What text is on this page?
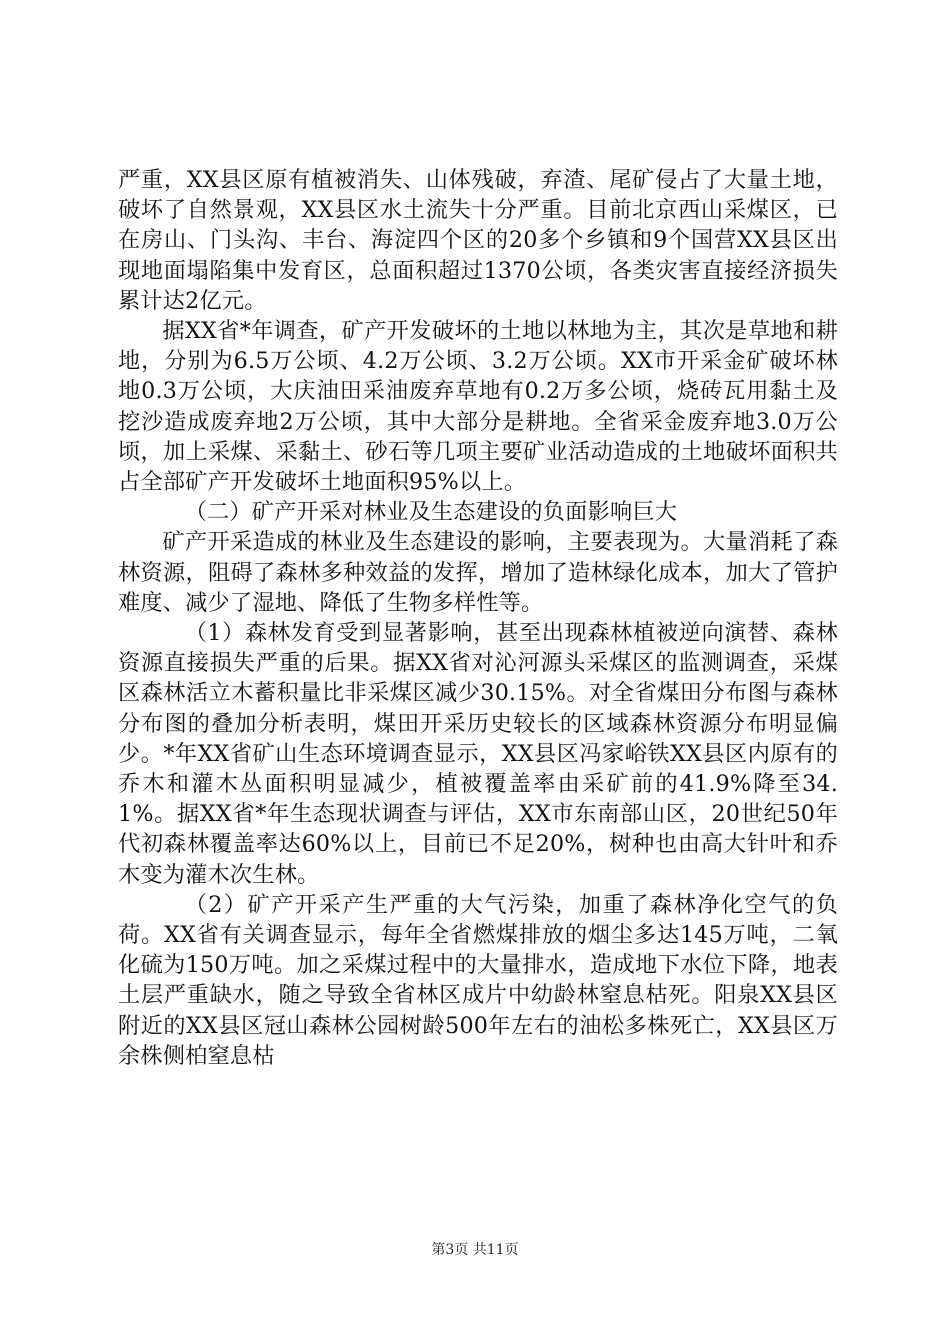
严重，XX县区原有植被消失、山体残破，弃渣、尾矿侵占了大量土地，破坏了自然景观，XX县区水土流失十分严重。目前北京西山采煤区，已在房山、门头沟、丰台、海淀四个区的20多个乡镇和9个国营XX县区出现地面塌陷集中发育区，总面积超过1370公顷，各类灾害直接经济损失累计达2亿元。

据XX省*年调查，矿产开发破坏的土地以林地为主，其次是草地和耕地，分别为6.5万公顷、4.2万公顷、3.2万公顷。XX市开采金矿破坏林地0.3万公顷，大庆油田采油废弃草地有0.2万多公顷，烧砖瓦用黏土及挖沙造成废弃地2万公顷，其中大部分是耕地。全省采金废弃地3.0万公顷，加上采煤、采黏土、砂石等几项主要矿业活动造成的土地破坏面积共占全部矿产开发破坏土地面积95%以上。

（二）矿产开采对林业及生态建设的负面影响巨大

矿产开采造成的林业及生态建设的影响，主要表现为。大量消耗了森林资源，阻碍了森林多种效益的发挥，增加了造林绿化成本，加大了管护难度、减少了湿地、降低了生物多样性等。

（1）森林发育受到显著影响，甚至出现森林植被逆向演替、森林资源直接损失严重的后果。据XX省对沁河源头采煤区的监测调查，采煤区森林活立木蓄积量比非采煤区减少30.15%。对全省煤田分布图与森林分布图的叠加分析表明，煤田开采历史较长的区域森林资源分布明显偏少。*年XX省矿山生态环境调查显示，XX县区冯家峪铁XX县区内原有的乔木和灌木丛面积明显减少，植被覆盖率由采矿前的41.9%降至34.1%。据XX省*年生态现状调查与评估，XX市东南部山区，20世纪50年代初森林覆盖率达60%以上，目前已不足20%，树种也由高大针叶和乔木变为灌木次生林。

（2）矿产开采产生严重的大气污染，加重了森林净化空气的负荷。XX省有关调查显示，每年全省燃煤排放的烟尘多达145万吨，二氧化硫为150万吨。加之采煤过程中的大量排水，造成地下水位下降，地表土层严重缺水，随之导致全省林区成片中幼龄林窒息枯死。阳泉XX县区附近的XX县区冠山森林公园树龄500年左右的油松多株死亡，XX县区万余株侧柏窒息枯

第3页 共11页
